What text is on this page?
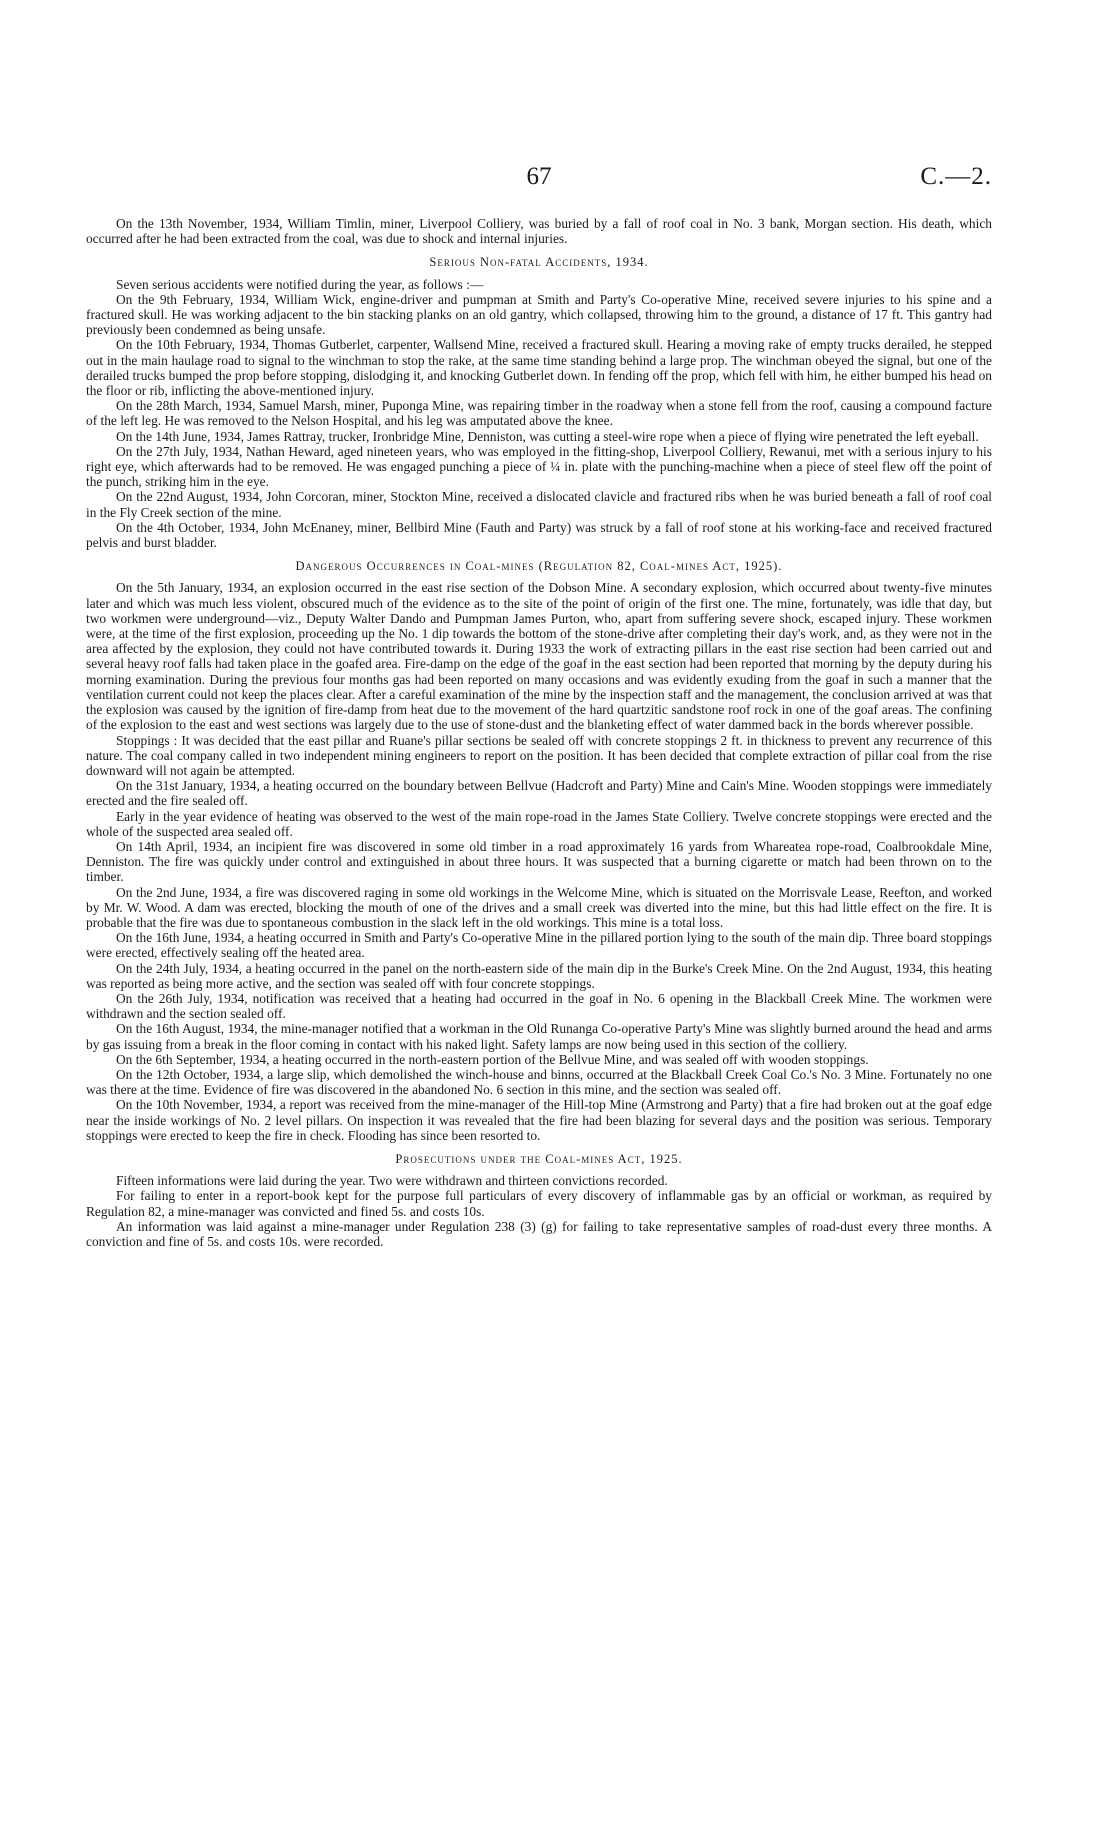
67	C.—2.

On the 13th November, 1934, William Timlin, miner, Liverpool Colliery, was buried by a fall of roof coal in No. 3 bank, Morgan section. His death, which occurred after he had been extracted from the coal, was due to shock and internal injuries.

Serious Non-fatal Accidents, 1934.

Seven serious accidents were notified during the year, as follows :—

On the 9th February, 1934, William Wick, engine-driver and pumpman at Smith and Party's Co-operative Mine, received severe injuries to his spine and a fractured skull. He was working adjacent to the bin stacking planks on an old gantry, which collapsed, throwing him to the ground, a distance of 17 ft. This gantry had previously been condemned as being unsafe.

On the 10th February, 1934, Thomas Gutberlet, carpenter, Wallsend Mine, received a fractured skull. Hearing a moving rake of empty trucks derailed, he stepped out in the main haulage road to signal to the winchman to stop the rake, at the same time standing behind a large prop. The winchman obeyed the signal, but one of the derailed trucks bumped the prop before stopping, dislodging it, and knocking Gutberlet down. In fending off the prop, which fell with him, he either bumped his head on the floor or rib, inflicting the above-mentioned injury.

On the 28th March, 1934, Samuel Marsh, miner, Puponga Mine, was repairing timber in the roadway when a stone fell from the roof, causing a compound facture of the left leg. He was removed to the Nelson Hospital, and his leg was amputated above the knee.

On the 14th June, 1934, James Rattray, trucker, Ironbridge Mine, Denniston, was cutting a steel-wire rope when a piece of flying wire penetrated the left eyeball.

On the 27th July, 1934, Nathan Heward, aged nineteen years, who was employed in the fitting-shop, Liverpool Colliery, Rewanui, met with a serious injury to his right eye, which afterwards had to be removed. He was engaged punching a piece of ¼ in. plate with the punching-machine when a piece of steel flew off the point of the punch, striking him in the eye.

On the 22nd August, 1934, John Corcoran, miner, Stockton Mine, received a dislocated clavicle and fractured ribs when he was buried beneath a fall of roof coal in the Fly Creek section of the mine.

On the 4th October, 1934, John McEnaney, miner, Bellbird Mine (Fauth and Party) was struck by a fall of roof stone at his working-face and received fractured pelvis and burst bladder.

Dangerous Occurrences in Coal-mines (Regulation 82, Coal-mines Act, 1925).

On the 5th January, 1934, an explosion occurred in the east rise section of the Dobson Mine. A secondary explosion, which occurred about twenty-five minutes later and which was much less violent, obscured much of the evidence as to the site of the point of origin of the first one. The mine, fortunately, was idle that day, but two workmen were underground—viz., Deputy Walter Dando and Pumpman James Purton, who, apart from suffering severe shock, escaped injury. These workmen were, at the time of the first explosion, proceeding up the No. 1 dip towards the bottom of the stone-drive after completing their day's work, and, as they were not in the area affected by the explosion, they could not have contributed towards it. During 1933 the work of extracting pillars in the east rise section had been carried out and several heavy roof falls had taken place in the goafed area. Fire-damp on the edge of the goaf in the east section had been reported that morning by the deputy during his morning examination. During the previous four months gas had been reported on many occasions and was evidently exuding from the goaf in such a manner that the ventilation current could not keep the places clear. After a careful examination of the mine by the inspection staff and the management, the conclusion arrived at was that the explosion was caused by the ignition of fire-damp from heat due to the movement of the hard quartzitic sandstone roof rock in one of the goaf areas. The confining of the explosion to the east and west sections was largely due to the use of stone-dust and the blanketing effect of water dammed back in the bords wherever possible.

Stoppings : It was decided that the east pillar and Ruane's pillar sections be sealed off with concrete stoppings 2 ft. in thickness to prevent any recurrence of this nature. The coal company called in two independent mining engineers to report on the position. It has been decided that complete extraction of pillar coal from the rise downward will not again be attempted.

On the 31st January, 1934, a heating occurred on the boundary between Bellvue (Hadcroft and Party) Mine and Cain's Mine. Wooden stoppings were immediately erected and the fire sealed off.

Early in the year evidence of heating was observed to the west of the main rope-road in the James State Colliery. Twelve concrete stoppings were erected and the whole of the suspected area sealed off.

On 14th April, 1934, an incipient fire was discovered in some old timber in a road approximately 16 yards from Whareatea rope-road, Coalbrookdale Mine, Denniston. The fire was quickly under control and extinguished in about three hours. It was suspected that a burning cigarette or match had been thrown on to the timber.

On the 2nd June, 1934, a fire was discovered raging in some old workings in the Welcome Mine, which is situated on the Morrisvale Lease, Reefton, and worked by Mr. W. Wood. A dam was erected, blocking the mouth of one of the drives and a small creek was diverted into the mine, but this had little effect on the fire. It is probable that the fire was due to spontaneous combustion in the slack left in the old workings. This mine is a total loss.

On the 16th June, 1934, a heating occurred in Smith and Party's Co-operative Mine in the pillared portion lying to the south of the main dip. Three board stoppings were erected, effectively sealing off the heated area.

On the 24th July, 1934, a heating occurred in the panel on the north-eastern side of the main dip in the Burke's Creek Mine. On the 2nd August, 1934, this heating was reported as being more active, and the section was sealed off with four concrete stoppings.

On the 26th July, 1934, notification was received that a heating had occurred in the goaf in No. 6 opening in the Blackball Creek Mine. The workmen were withdrawn and the section sealed off.

On the 16th August, 1934, the mine-manager notified that a workman in the Old Runanga Co-operative Party's Mine was slightly burned around the head and arms by gas issuing from a break in the floor coming in contact with his naked light. Safety lamps are now being used in this section of the colliery.

On the 6th September, 1934, a heating occurred in the north-eastern portion of the Bellvue Mine, and was sealed off with wooden stoppings.

On the 12th October, 1934, a large slip, which demolished the winch-house and binns, occurred at the Blackball Creek Coal Co.'s No. 3 Mine. Fortunately no one was there at the time. Evidence of fire was discovered in the abandoned No. 6 section in this mine, and the section was sealed off.

On the 10th November, 1934, a report was received from the mine-manager of the Hill-top Mine (Armstrong and Party) that a fire had broken out at the goaf edge near the inside workings of No. 2 level pillars. On inspection it was revealed that the fire had been blazing for several days and the position was serious. Temporary stoppings were erected to keep the fire in check. Flooding has since been resorted to.

Prosecutions under the Coal-mines Act, 1925.

Fifteen informations were laid during the year. Two were withdrawn and thirteen convictions recorded.

For failing to enter in a report-book kept for the purpose full particulars of every discovery of inflammable gas by an official or workman, as required by Regulation 82, a mine-manager was convicted and fined 5s. and costs 10s.

An information was laid against a mine-manager under Regulation 238 (3) (g) for failing to take representative samples of road-dust every three months. A conviction and fine of 5s. and costs 10s. were recorded.
